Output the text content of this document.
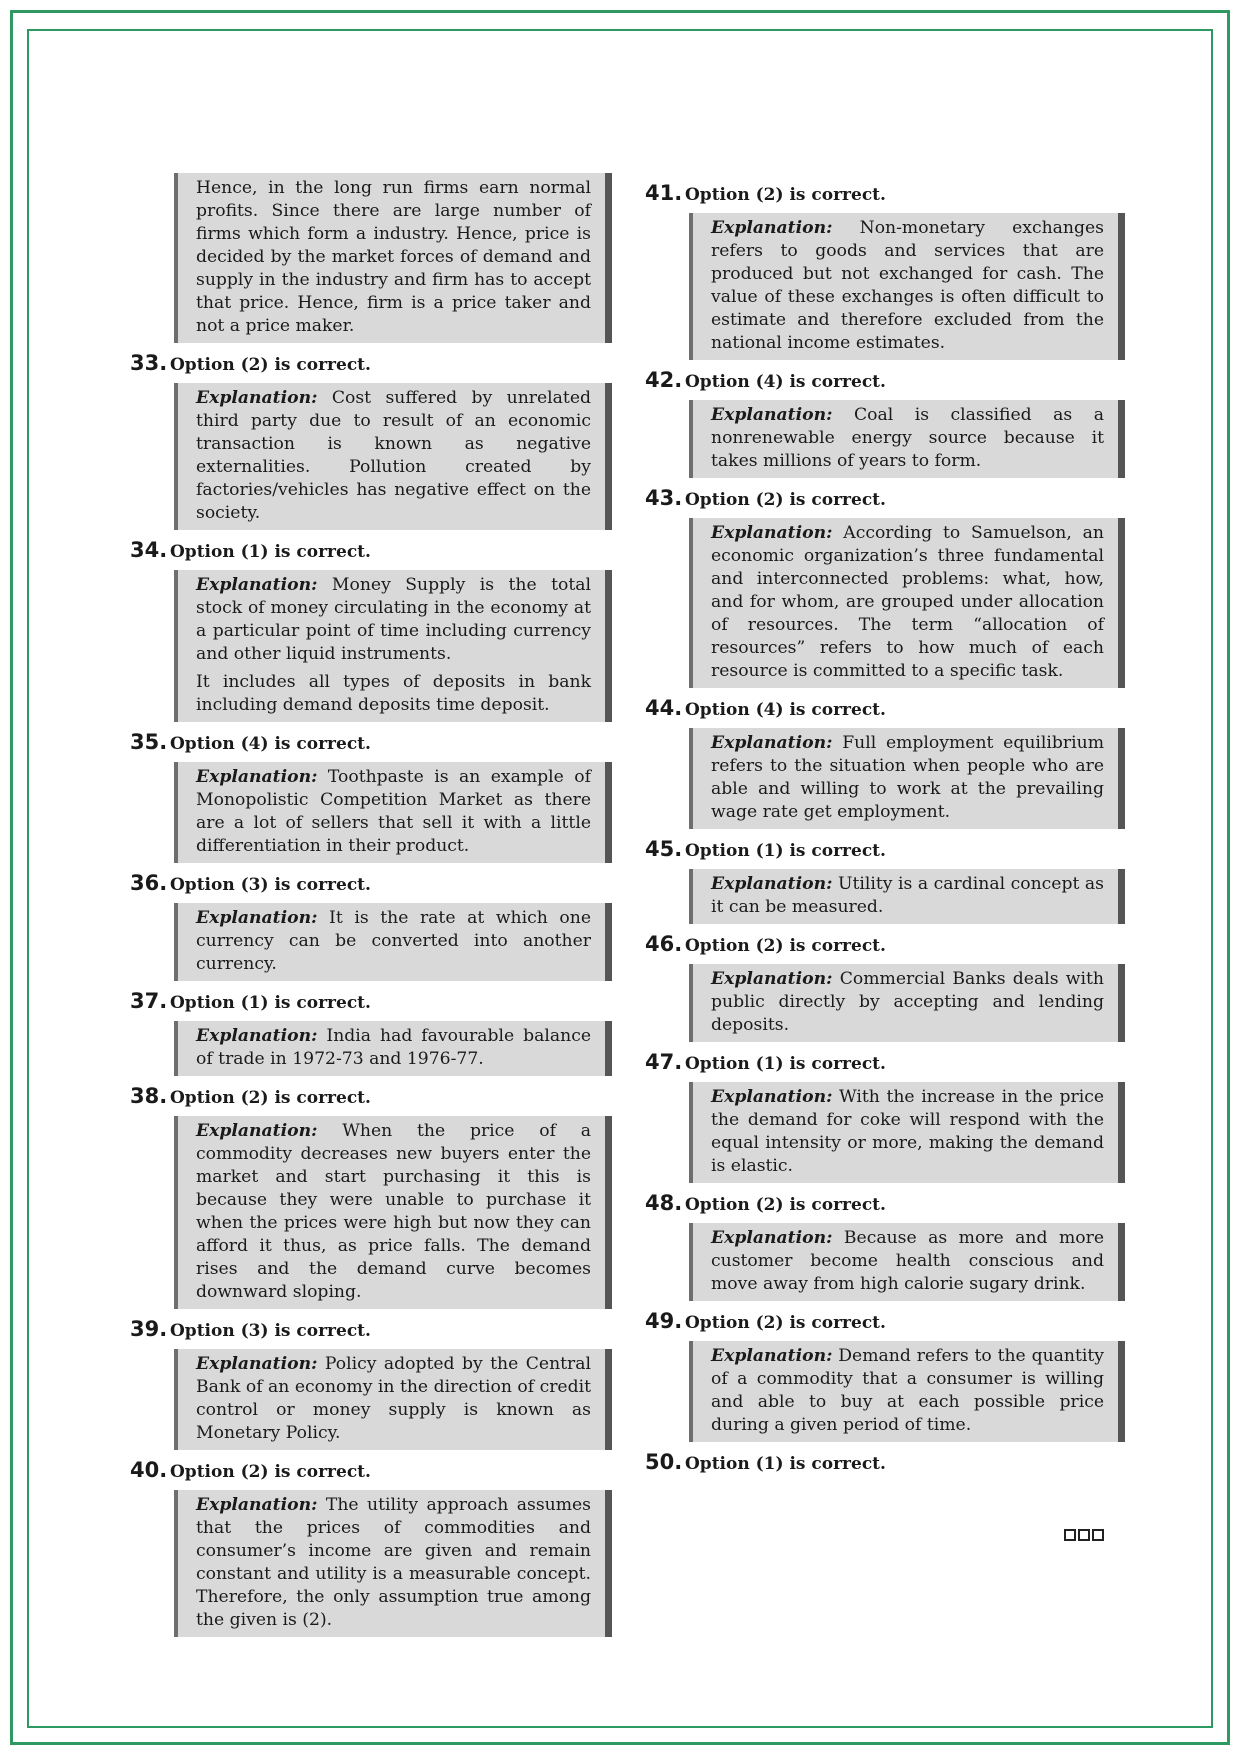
Hence, in the long run firms earn normal profits. Since there are large number of firms which form a industry. Hence, price is decided by the market forces of demand and supply in the industry and firm has to accept that price. Hence, firm is a price taker and not a price maker.

33. Option (2) is correct.

Explanation: Cost suffered by unrelated third party due to result of an economic transaction is known as negative externalities. Pollution created by factories/vehicles has negative effect on the society.

34. Option (1) is correct.

Explanation: Money Supply is the total stock of money circulating in the economy at a particular point of time including currency and other liquid instruments.

It includes all types of deposits in bank including demand deposits time deposit.

35. Option (4) is correct.

Explanation: Toothpaste is an example of Monopolistic Competition Market as there are a lot of sellers that sell it with a little differentiation in their product.

36. Option (3) is correct.

Explanation: It is the rate at which one currency can be converted into another currency.

37. Option (1) is correct.

Explanation: India had favourable balance of trade in 1972-73 and 1976-77.

38. Option (2) is correct.

Explanation: When the price of a commodity decreases new buyers enter the market and start purchasing it this is because they were unable to purchase it when the prices were high but now they can afford it thus, as price falls. The demand rises and the demand curve becomes downward sloping.

39. Option (3) is correct.

Explanation: Policy adopted by the Central Bank of an economy in the direction of credit control or money supply is known as Monetary Policy.

40. Option (2) is correct.

Explanation: The utility approach assumes that the prices of commodities and consumer’s income are given and remain constant and utility is a measurable concept. Therefore, the only assumption true among the given is (2).

41. Option (2) is correct.

Explanation: Non-monetary exchanges refers to goods and services that are produced but not exchanged for cash. The value of these exchanges is often difficult to estimate and therefore excluded from the national income estimates.

42. Option (4) is correct.

Explanation: Coal is classified as a nonrenewable energy source because it takes millions of years to form.

43. Option (2) is correct.

Explanation: According to Samuelson, an economic organization’s three fundamental and interconnected problems: what, how, and for whom, are grouped under allocation of resources. The term “allocation of resources” refers to how much of each resource is committed to a specific task.

44. Option (4) is correct.

Explanation: Full employment equilibrium refers to the situation when people who are able and willing to work at the prevailing wage rate get employment.

45. Option (1) is correct.

Explanation: Utility is a cardinal concept as it can be measured.

46. Option (2) is correct.

Explanation: Commercial Banks deals with public directly by accepting and lending deposits.

47. Option (1) is correct.

Explanation: With the increase in the price the demand for coke will respond with the equal intensity or more, making the demand is elastic.

48. Option (2) is correct.

Explanation: Because as more and more customer become health conscious and move away from high calorie sugary drink.

49. Option (2) is correct.

Explanation: Demand refers to the quantity of a commodity that a consumer is willing and able to buy at each possible price during a given period of time.

50. Option (1) is correct.
